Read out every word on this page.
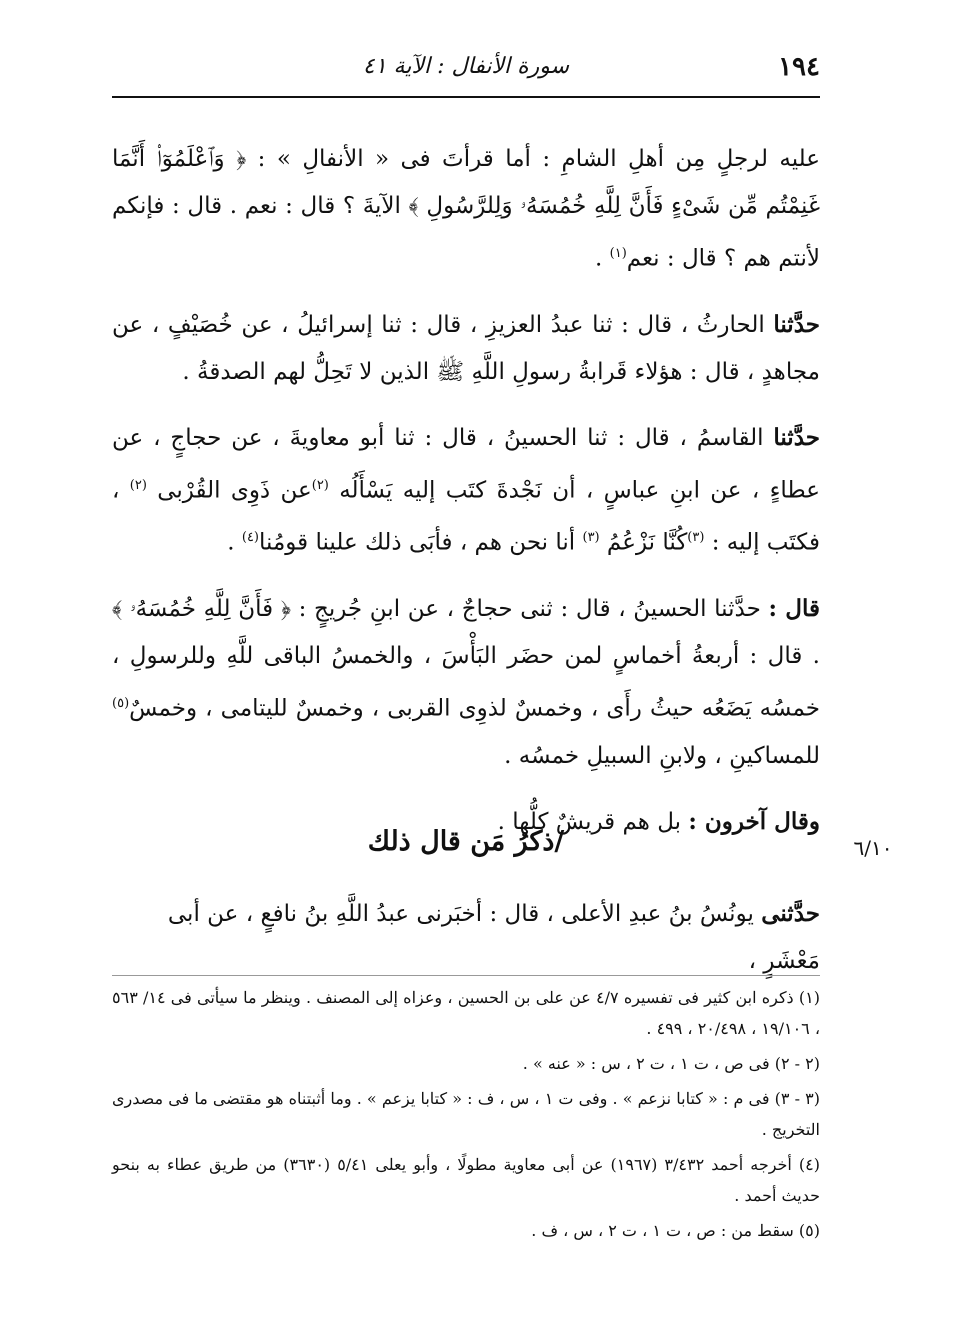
١٩٤
سورة الأنفال : الآية ٤١

عليه لرجلٍ مِن أهلِ الشامِ : أما قرأتَ فى « الأنفالِ » : ﴿ وَٱعْلَمُوٓا۟ أَنَّمَا غَنِمْتُم مِّن شَىْءٍ فَأَنَّ لِلَّهِ خُمُسَهُۥ وَلِلرَّسُولِ ﴾ الآيةَ ؟ قال : نعم . قال : فإنكم لأنتم هم ؟ قال : نعم$^{(١)}$ .

حدَّثنا الحارثُ ، قال : ثنا عبدُ العزيزِ ، قال : ثنا إسرائيلُ ، عن خُصَيْفٍ ، عن مجاهدٍ ، قال : هؤلاء قَرابةُ رسولِ اللَّهِ ﷺ الذين لا تَحِلُّ لهم الصدقةُ .

حدَّثنا القاسمُ ، قال : ثنا الحسينُ ، قال : ثنا أبو معاويةَ ، عن حجاجٍ ، عن عطاءٍ ، عن ابنِ عباسٍ ، أن نَجْدةَ كتَب إليه يَسْأَلُه $^{(٢)}$عن ذَوِى القُرْبى $^{(٢)}$ ، فكتَب إليه : $^{(٣)}$كُنَّا نَزْعُمُ $^{(٣)}$ أنا نحن هم ، فأبَى ذلك علينا قومُنا$^{(٤)}$ .

قال : حدَّثنا الحسينُ ، قال : ثنى حجاجٌ ، عن ابنِ جُريجٍ : ﴿ فَأَنَّ لِلَّهِ خُمُسَهُۥ ﴾ . قال : أربعةُ أخماسٍ لمن حضَر البَأْسَ ، والخمسُ الباقى للَّهِ وللرسولِ ، خمسُه يَضَعُه حيثُ رأَى ، وخمسٌ لذوِى القربى ، وخمسٌ لليتامى ، وخمسٌ$^{(٥)}$ للمساكينِ ، ولابنِ السبيلِ خمسُه .

وقال آخرون : بل هم قريشٌ كلُّها .

/ذكرُ مَن قال ذلك	٦/١٠
حدَّثنى يونُسُ بنُ عبدِ الأعلى ، قال : أخبَرنى عبدُ اللَّهِ بنُ نافعٍ ، عن أبى مَعْشَرٍ ،

(١) ذكره ابن كثير فى تفسيره ٤/٧ عن على بن الحسين ، وعزاه إلى المصنف . وينظر ما سيأتى فى ١٤/ ٥٦٣ ، ١٩/١٠٦ ، ٢٠/٤٩٨ ، ٤٩٩ .

(٢ - ٢) فى ص ، ت ١ ، ت ٢ ، س : « عنه » .

(٣ - ٣) فى م : « كتابا نزعم » . وفى ت ١ ، س ، ف : « كتابا يزعم » . وما أثبتناه هو مقتضى ما فى مصدرى التخريج .

(٤) أخرجه أحمد ٣/٤٣٢ (١٩٦٧) عن أبى معاوية مطولًا ، وأبو يعلى ٥/٤١ (٣٦٣٠) من طريق عطاء به بنحو حديث أحمد .

(٥) سقط من : ص ، ت ١ ، ت ٢ ، س ، ف .
